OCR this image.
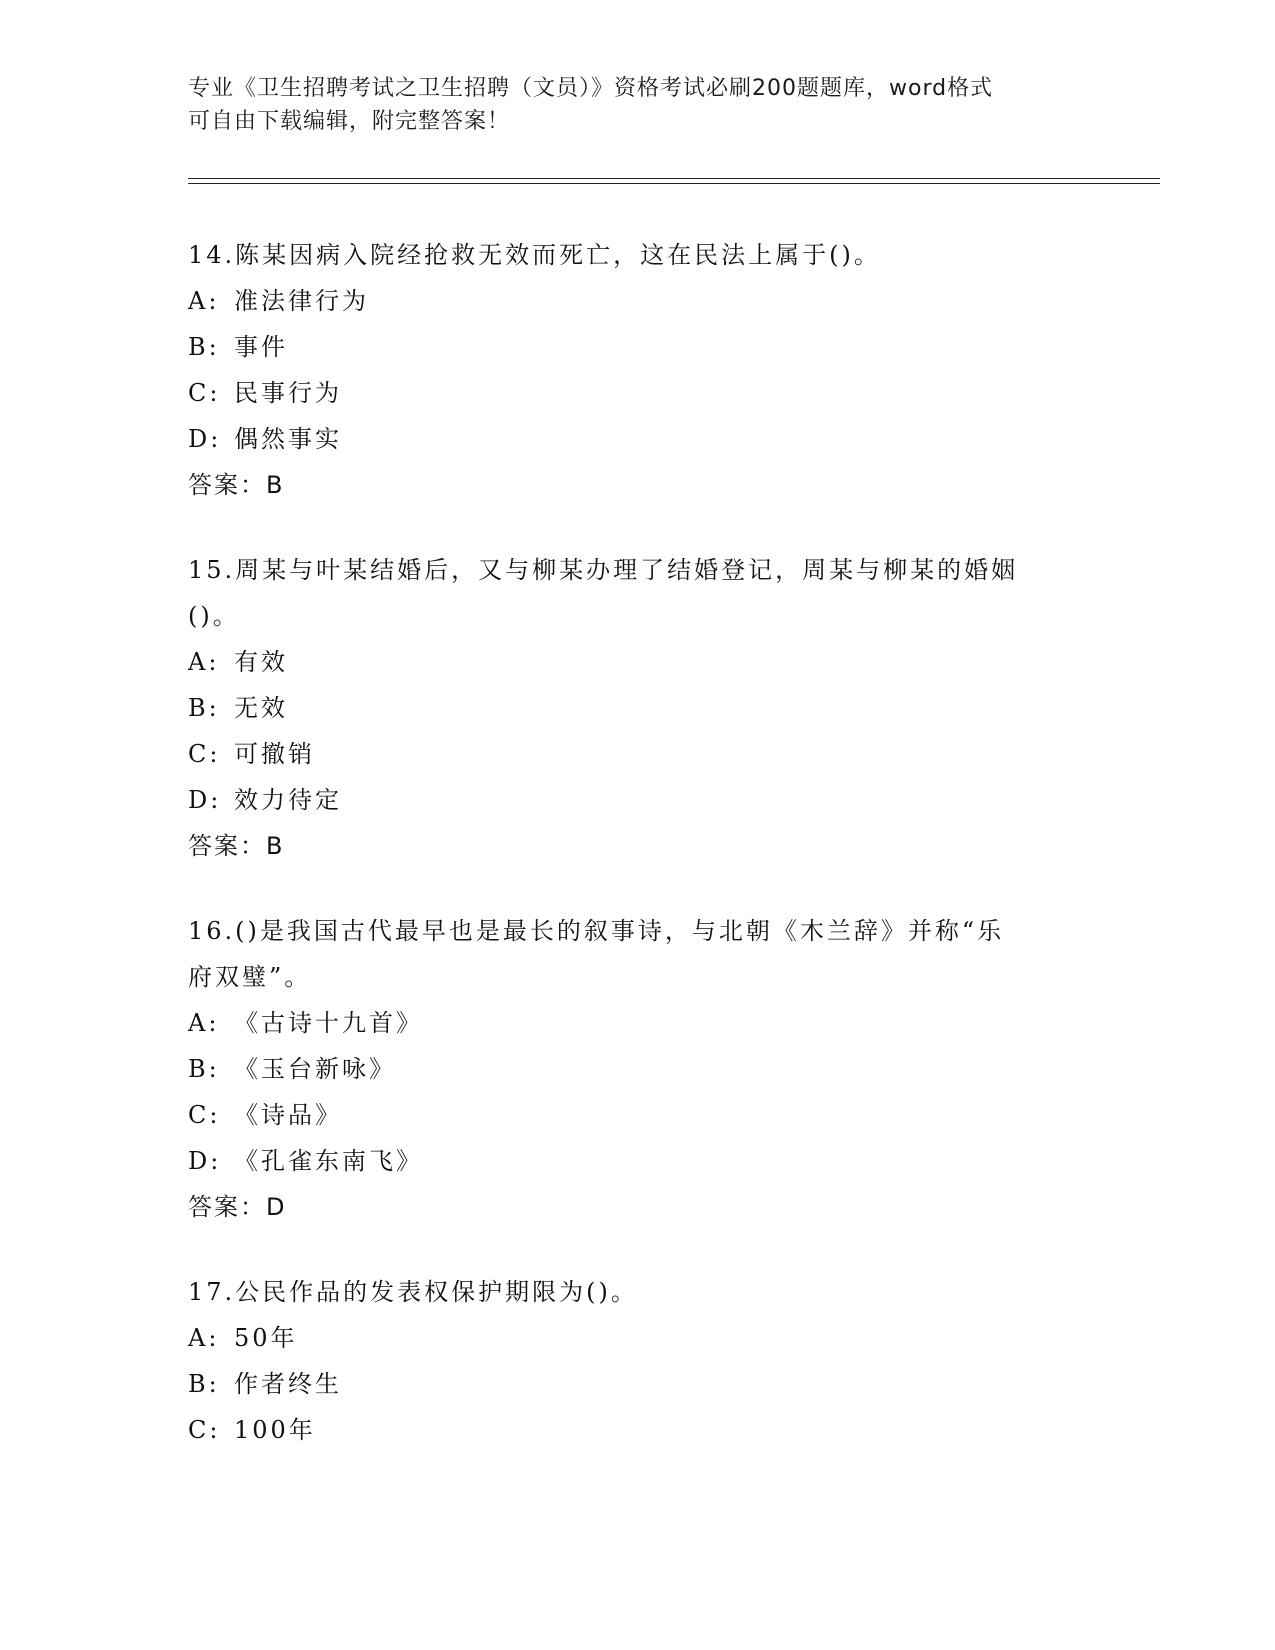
专业《卫生招聘考试之卫生招聘（文员）》资格考试必刷200题题库，word格式
可自由下载编辑，附完整答案！
14.陈某因病入院经抢救无效而死亡，这在民法上属于()。
A: 准法律行为
B: 事件
C: 民事行为
D: 偶然事实
答案：B
15.周某与叶某结婚后，又与柳某办理了结婚登记，周某与柳某的婚姻
()。
A: 有效
B: 无效
C: 可撤销
D: 效力待定
答案：B
16.()是我国古代最早也是最长的叙事诗，与北朝《木兰辞》并称“乐
府双璧”。
A: 《古诗十九首》
B: 《玉台新咏》
C: 《诗品》
D: 《孔雀东南飞》
答案：D
17.公民作品的发表权保护期限为()。
A: 50年
B: 作者终生
C: 100年
